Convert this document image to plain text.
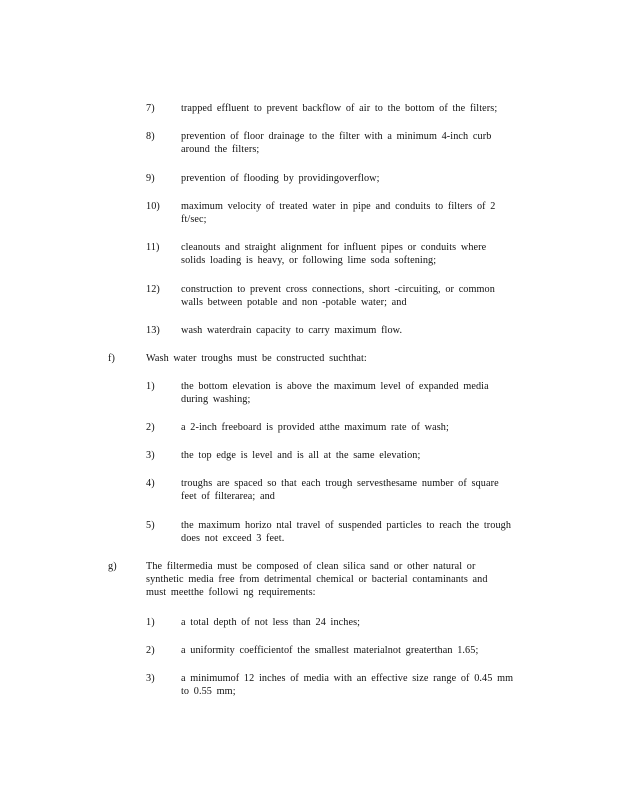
7)	trapped effluent to prevent backflow of air to the bottom of the filters;
8)	prevention of floor drainage to the filter with a minimum 4-inch curb
around the filters;
9)	prevention of flooding by providingoverflow;
10) maximum velocity of treated water in pipe and conduits to filters of 2
ft/sec;
11) cleanouts and straight alignment for influent pipes or conduits where
solids loading is heavy, or following lime soda softening;
12) construction to prevent cross connections, short -circuiting, or common
walls between potable and non -potable water; and
13) wash waterdrain capacity to carry maximum flow.
f)	Wash water troughs must be constructed suchthat:
1)	the bottom elevation is above the maximum level of expanded media
during washing;
2)	a 2-inch freeboard is provided atthe maximum rate of wash;
3)	the top edge is level and is all at the same elevation;
4)	troughs are spaced so that each trough servesthesame number of square
feet of filterarea; and
5)	the maximum horizo ntal travel of suspended particles to reach the trough
does not exceed 3 feet.
g)	The filtermedia must be composed of clean silica sand or other natural or
synthetic media free from detrimental chemical or bacterial contaminants and
must meetthe followi ng requirements:
1)	a total depth of not less than 24 inches;
2)	a uniformity coefficientof the smallest materialnot greaterthan 1.65;
3)	a minimumof 12 inches of media with an effective size range of 0.45 mm
to 0.55 mm;
